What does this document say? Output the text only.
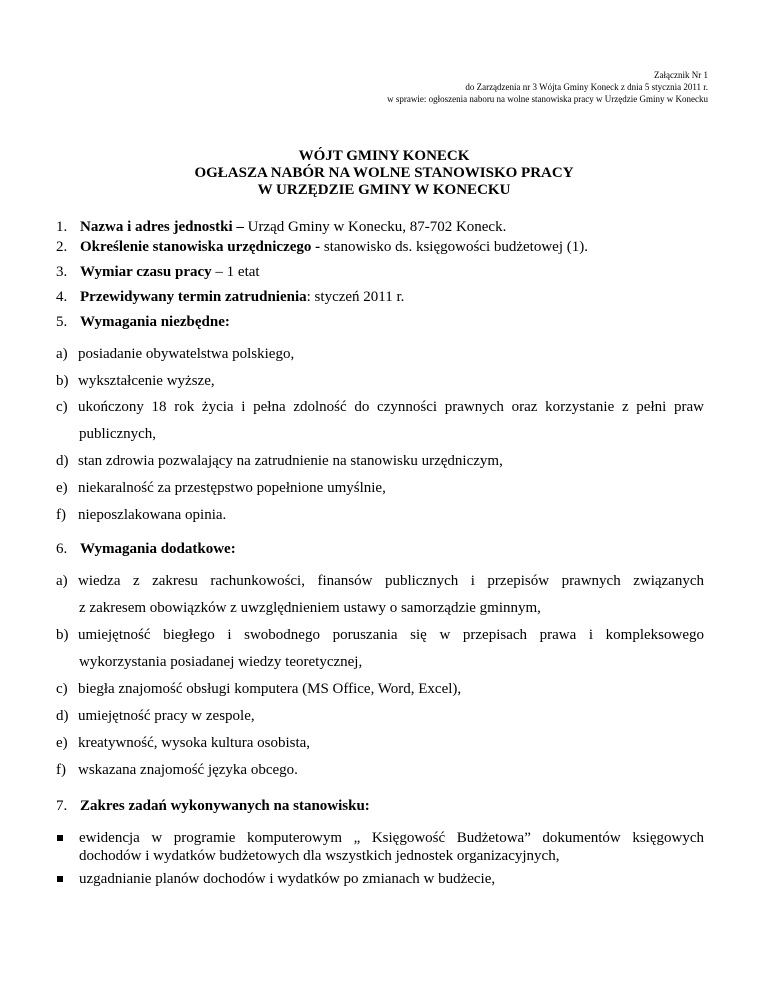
Załącznik Nr 1
do Zarządzenia nr 3 Wójta Gminy Koneck z dnia 5 stycznia 2011 r.
w sprawie: ogłoszenia naboru na wolne stanowiska pracy w Urzędzie Gminy w Konecku
WÓJT GMINY KONECK
OGŁASZA NABÓR NA WOLNE STANOWISKO PRACY
W URZĘDZIE GMINY W KONECKU
1. Nazwa i adres jednostki – Urząd Gminy w Konecku, 87-702 Koneck.
2. Określenie stanowiska urzędniczego - stanowisko ds. księgowości budżetowej (1).
3. Wymiar czasu pracy – 1 etat
4. Przewidywany termin zatrudnienia: styczeń 2011 r.
5. Wymagania niezbędne:
a) posiadanie obywatelstwa polskiego,
b) wykształcenie wyższe,
c) ukończony 18 rok życia i pełna zdolność do czynności prawnych oraz korzystanie z pełni praw
publicznych,
d) stan zdrowia pozwalający na zatrudnienie na stanowisku urzędniczym,
e) niekaralność za przestępstwo popełnione umyślnie,
f) nieposzlakowana opinia.
6. Wymagania dodatkowe:
a) wiedza z zakresu rachunkowości, finansów publicznych i przepisów prawnych związanych
z zakresem obowiązków z uwzględnieniem ustawy o samorządzie gminnym,
b) umiejętność biegłego i swobodnego poruszania się w przepisach prawa i kompleksowego
wykorzystania posiadanej wiedzy teoretycznej,
c) biegła znajomość obsługi komputera (MS Office, Word, Excel),
d) umiejętność pracy w zespole,
e) kreatywność, wysoka kultura osobista,
f) wskazana znajomość języka obcego.
7. Zakres zadań wykonywanych na stanowisku:
ewidencja w programie komputerowym „ Księgowość Budżetowa” dokumentów księgowych dochodów i wydatków budżetowych dla wszystkich jednostek organizacyjnych,
uzgadnianie planów dochodów i wydatków po zmianach w budżecie,
